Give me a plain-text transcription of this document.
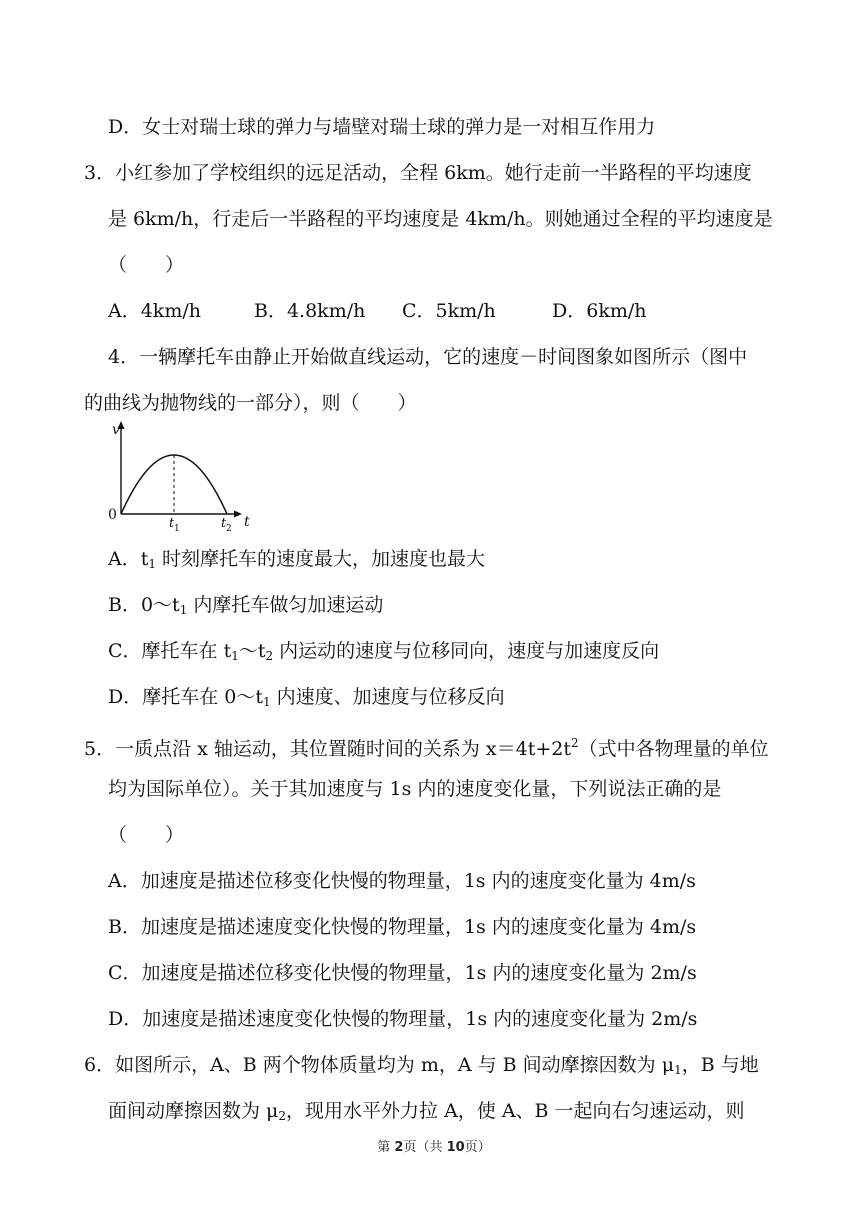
D．女士对瑞士球的弹力与墙壁对瑞士球的弹力是一对相互作用力
3．小红参加了学校组织的远足活动，全程 6km。她行走前一半路程的平均速度
是 6km/h，行走后一半路程的平均速度是 4km/h。则她通过全程的平均速度是
（　　）
A．4km/h	B．4.8km/h C．5km/h	D．6km/h
4．一辆摩托车由静止开始做直线运动，它的速度－时间图象如图所示（图中
的曲线为抛物线的一部分），则（　　）
v
0	t
t 1	t 2
A．$t_1$ 时刻摩托车的速度最大，加速度也最大
B．$0\sim t_1$ 内摩托车做匀加速运动
C．摩托车在 $t_1\sim t_2$ 内运动的速度与位移同向，速度与加速度反向
D．摩托车在 $0\sim t_1$ 内速度、加速度与位移反向
5．一质点沿 x 轴运动，其位置随时间的关系为 $x=4t+2t^2$（式中各物理量的单位
均为国际单位）。关于其加速度与 1s 内的速度变化量，下列说法正确的是
（　　）
A．加速度是描述位移变化快慢的物理量，1s 内的速度变化量为 4m/s
B．加速度是描述速度变化快慢的物理量，1s 内的速度变化量为 4m/s
C．加速度是描述位移变化快慢的物理量，1s 内的速度变化量为 2m/s
D．加速度是描述速度变化快慢的物理量，1s 内的速度变化量为 2m/s
6．如图所示，A、B 两个物体质量均为 m，A 与 B 间动摩擦因数为 $\mu_1$，B 与地
面间动摩擦因数为 $\mu_2$，现用水平外力拉 A，使 A、B 一起向右匀速运动，则
第 2页（共 10页）
